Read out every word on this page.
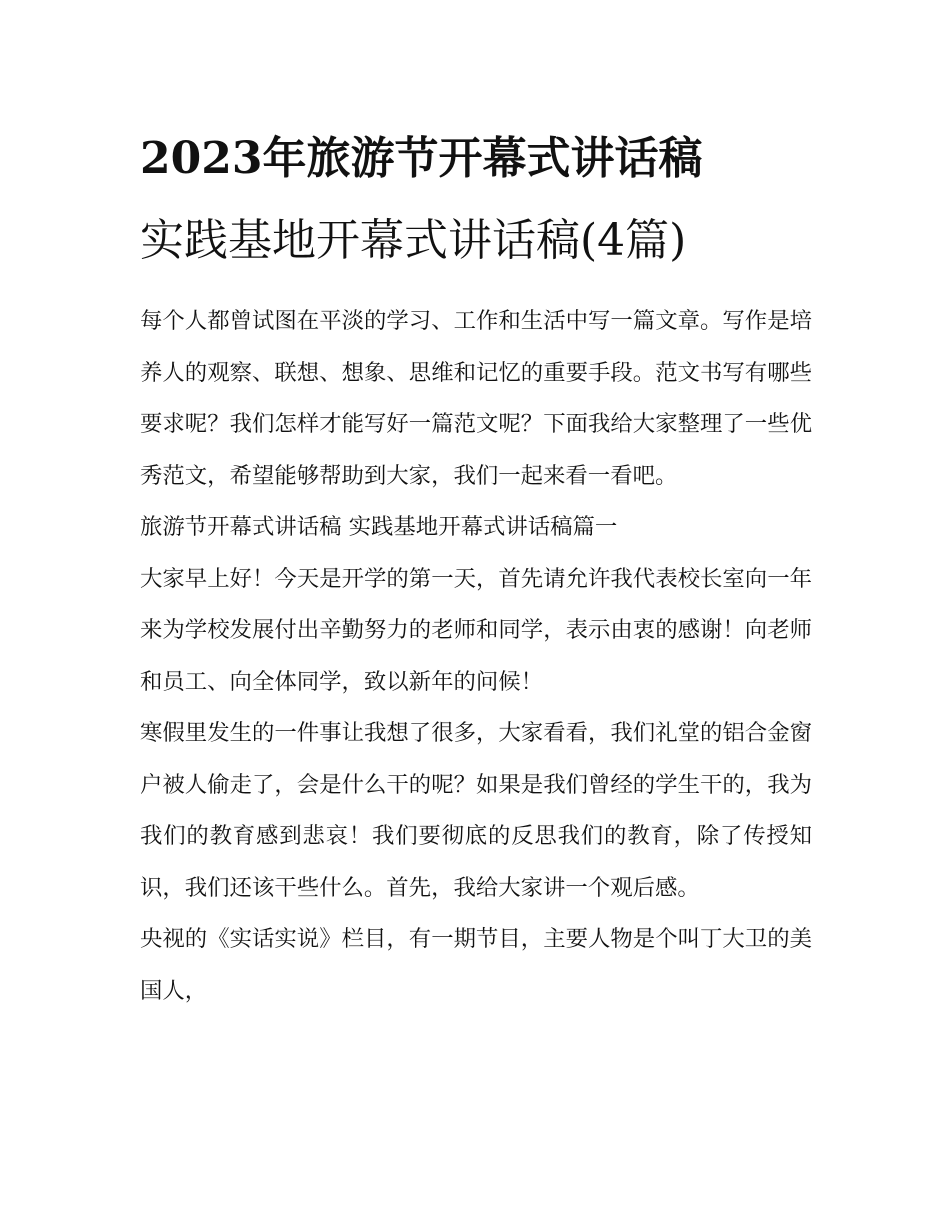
2023年旅游节开幕式讲话稿
实践基地开幕式讲话稿(4篇)

每个人都曾试图在平淡的学习、工作和生活中写一篇文章。写作是培养人的观察、联想、想象、思维和记忆的重要手段。范文书写有哪些要求呢？我们怎样才能写好一篇范文呢？下面我给大家整理了一些优秀范文，希望能够帮助到大家，我们一起来看一看吧。

旅游节开幕式讲话稿 实践基地开幕式讲话稿篇一

大家早上好！今天是开学的第一天，首先请允许我代表校长室向一年来为学校发展付出辛勤努力的老师和同学，表示由衷的感谢！向老师和员工、向全体同学，致以新年的问候！

寒假里发生的一件事让我想了很多，大家看看，我们礼堂的铝合金窗户被人偷走了，会是什么干的呢？如果是我们曾经的学生干的，我为我们的教育感到悲哀！我们要彻底的反思我们的教育，除了传授知识，我们还该干些什么。首先，我给大家讲一个观后感。

央视的《实话实说》栏目，有一期节目，主要人物是个叫丁大卫的美国人，
